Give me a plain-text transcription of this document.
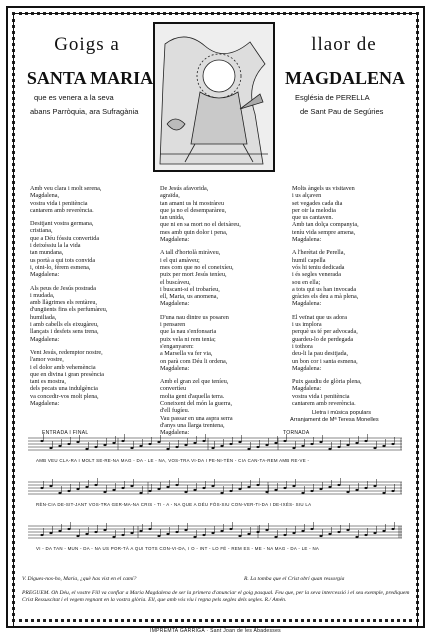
Goigs a	llaor de
SANTA MARIA	MAGDALENA
que es venera a la seva
abans Parròquia, ara Sufragània
Església de PERELLA
de Sant Pau de Segúries

Amb veu clara i molt serena,
Magdalena,
vostra vida i penitència
cantarem amb reverència.

Desitjant vostra germana,
cristiana,
que a Déu fóssiu convertida
i deixéssiu la la vida
tan mundana,
us portà a qui tots convida
i, oint-lo, férem esmena,
Magdalena:

Als peus de Jesús postrada
i mudada,
amb llàgrimes els rentàreu,
d'ungüents fins els perfumàreu,
humiliada,
i amb cabells els eixugàreu,
llançats i desfets sens trena,
Magdalena:

Vent Jesús, redemptor nostre,
l'amor vostre,
i el dolor amb vehemència
que en divina i gran presència
tant es mostra,
dels pecats una indulgència
va concedir-vos molt plena,
Magdalena:

De Jesús afavorida,
agraïda,
tan amant us hi mostràreu
que ja no el desemparàreu,
tan unida,
que ni en sa mort no el deixàreu,
mes amb quin dolor i pena,
Magdalena:

A tall d'hortolà miràveu,
i el qui amàveu;
mes com que no el coneixíeu,
puix per mort Jesús teníeu,
el buscàveu,
i buscant-si el trobaríeu,
ell, Maria, us anomena,
Magdalena:

D'una nau dintre us posaren
i pensaren
que la nau s'enfonsaria
puix vela ni rem tenia;
s'enganyaren:
a Marsella va fer via,
on parà com Déu li ordena,
Magdalena:

Amb el gran zel que teníeu,
convertíeu
molta gent d'aquella terra.
Coneixent del món la guerra,
d'ell fugíeu.
Vau passar en una aspra serra
d'anys una llarga trentena,
Magdalena:

Molts àngels us visitaven
i us alçaven
set vegades cada dia
per oir la melodia
que us cantaven.
Amb tan dolça companyia,
teníu vida sempre amena,
Magdalena:

A l'herètat de Perella,
humil capella
vós hi teniu dedicada
i és segles venerada
sou en ella;
a tots qui us han invocada
gràcies els deu a mà plena,
Magdalena:

El veïnat que us adora
i us implora
perquè us té per advocada,
guardeu-lo de perdegada
i tothora
deu-li la pau desitjada,
un bon cor i santa esmena,
Magdalena:

Puix gaudiu de glòria plena,
Magdalena:
vostra vida i penitència
cantarem amb reverència.

Lletra i música populars
Arranjament de Mª Teresa Monelles
ENTRADA I FINAL	TORNADA
AMB VEU CLA-RA I MOLT SE-RE-NA MAG - DA - LE - NA, VOS-TRA VI-DA I PE-NI-TÈN - CIA CAN-TA-REM AMB RE-VE -
RÈN-CIA DE-SIT-JANT VOS-TRA GER-MA-NA CRIS - TI - A - NA QUE A DÉU FÓS-SIU CON-VER-TI-DA I DE-IXÉS- SIU LA
VI - DA TAN - MUN - DA - NA US POR-TÀ A QUI TOTS CON-VI-DA, I O - INT - LO FÉ - REM ES - ME - NA MAG - DA - LE - NA
V. Digues-nos-ho, Maria, ¿què has vist en el camí?	R. La tomba que el Crist obrí quan ressorgia
PREGUEM. Oh Déu, el vostre Fill va confiar a Maria Magdalena de ser la primera d'anunciar el goig pasqual. Feu que, per la seva intercessió i el seu exemple, prediquem Crist Ressuscitat i el vegem regnant en la vostra glòria. Ell, que amb vós viu i regna pels segles dels segles. R./ Amén.
IMPREMTA GARRIGA · Sant Joan de les Abadesses
